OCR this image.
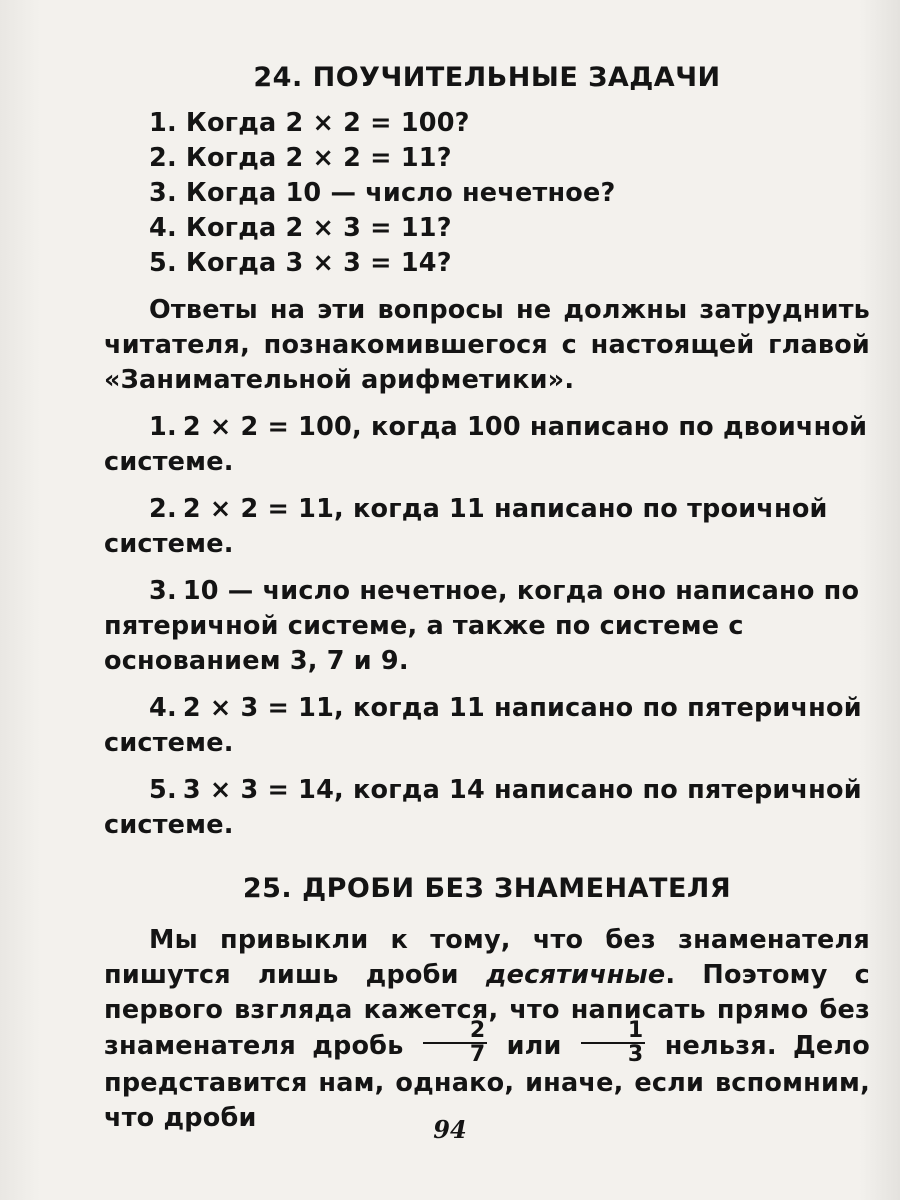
24. ПОУЧИТЕЛЬНЫЕ ЗАДАЧИ
1. Когда 2 × 2 = 100?
2. Когда 2 × 2 = 11?
3. Когда 10 — число нечетное?
4. Когда 2 × 3 = 11?
5. Когда 3 × 3 = 14?

Ответы на эти вопросы не должны затруднить читателя, познакомившегося с настоящей главой «Занимательной арифметики».

1. 2 × 2 = 100, когда 100 написано по двоичной системе.

2. 2 × 2 = 11, когда 11 написано по троичной системе.

3. 10 — число нечетное, когда оно написано по пятеричной системе, а также по системе с основанием 3, 7 и 9.

4. 2 × 3 = 11, когда 11 написано по пятеричной системе.

5. 3 × 3 = 14, когда 14 написано по пятеричной системе.

25. ДРОБИ БЕЗ ЗНАМЕНАТЕЛЯ

Мы привыкли к тому, что без знаменателя пишутся лишь дроби десятичные. Поэтому с первого взгляда кажется, что написать прямо без знаменателя дробь $\frac{2}{7}$ или $\frac{1}{3}$ нельзя. Дело представится нам, однако, иначе, если вспомним, что дроби	94
